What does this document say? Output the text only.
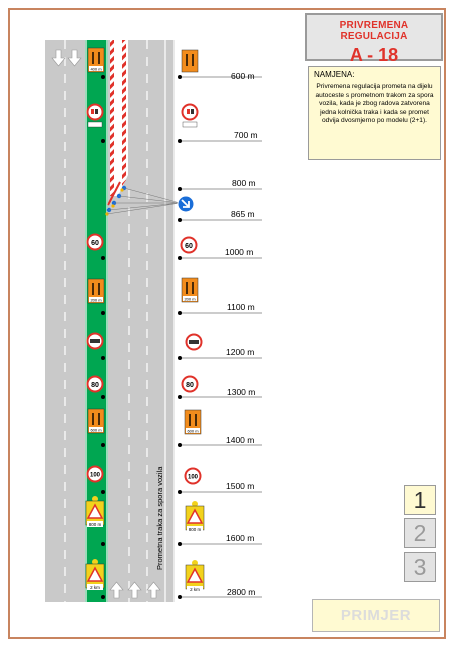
PRIVREMENA REGULACIJA
A - 18
NAMJENA:
Privremena regulacija prometa na dijelu autoceste s prometnom trakom za spora vozila, kada je zbog radova zatvorena jedna kolnička traka i kada se promet odvija dvosmjerno po modelu (2+1).
400 m
60
200 m
80
600 m
100
800 m
2 km
60
200 m
80
600 m
100
800 m
2 km
Prometna traka za spora vozila
600 m
700 m
800 m
865 m
1000 m
1100 m
1200 m
1300 m
1400 m
1500 m
1600 m
2800 m
1
2
3
PRIMJER
